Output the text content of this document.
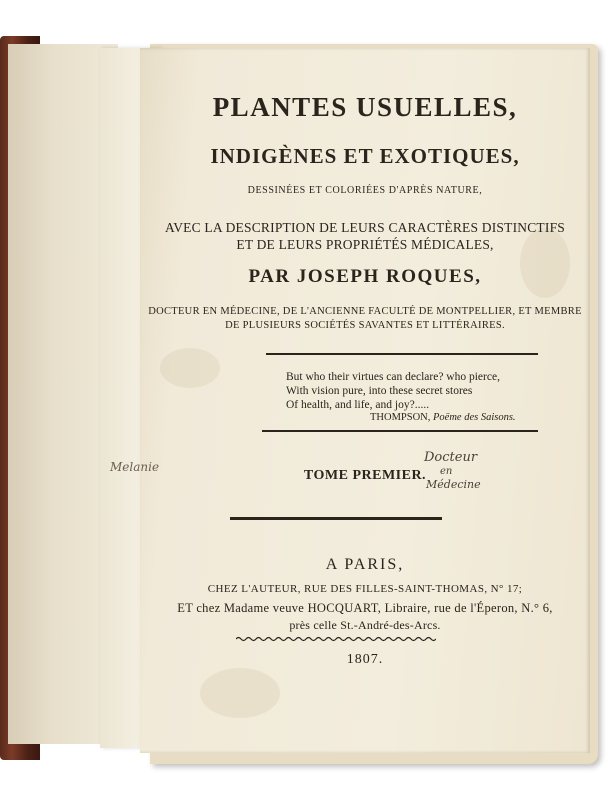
PLANTES USUELLES,
INDIGÈNES ET EXOTIQUES,
DESSINÉES ET COLORIÉES D'APRÈS NATURE,
AVEC LA DESCRIPTION DE LEURS CARACTÈRES DISTINCTIFS
ET DE LEURS PROPRIÉTÉS MÉDICALES,
PAR JOSEPH ROQUES,
DOCTEUR EN MÉDECINE, DE L'ANCIENNE FACULTÉ DE MONTPELLIER, ET MEMBRE
DE PLUSIEURS SOCIÉTÉS SAVANTES ET LITTÉRAIRES.
But who their virtues can declare? who pierce,
With vision pure, into these secret stores
Of health, and life, and joy?.....
THOMPSON, Poëme des Saisons.
Melanie
TOME PREMIER.
Docteur
en
Médecine
A PARIS,
CHEZ L'AUTEUR, RUE DES FILLES-SAINT-THOMAS, N° 17;
ET chez Madame veuve HOCQUART, Libraire, rue de l'Éperon, N.° 6,
près celle St.-André-des-Arcs.
1807.
